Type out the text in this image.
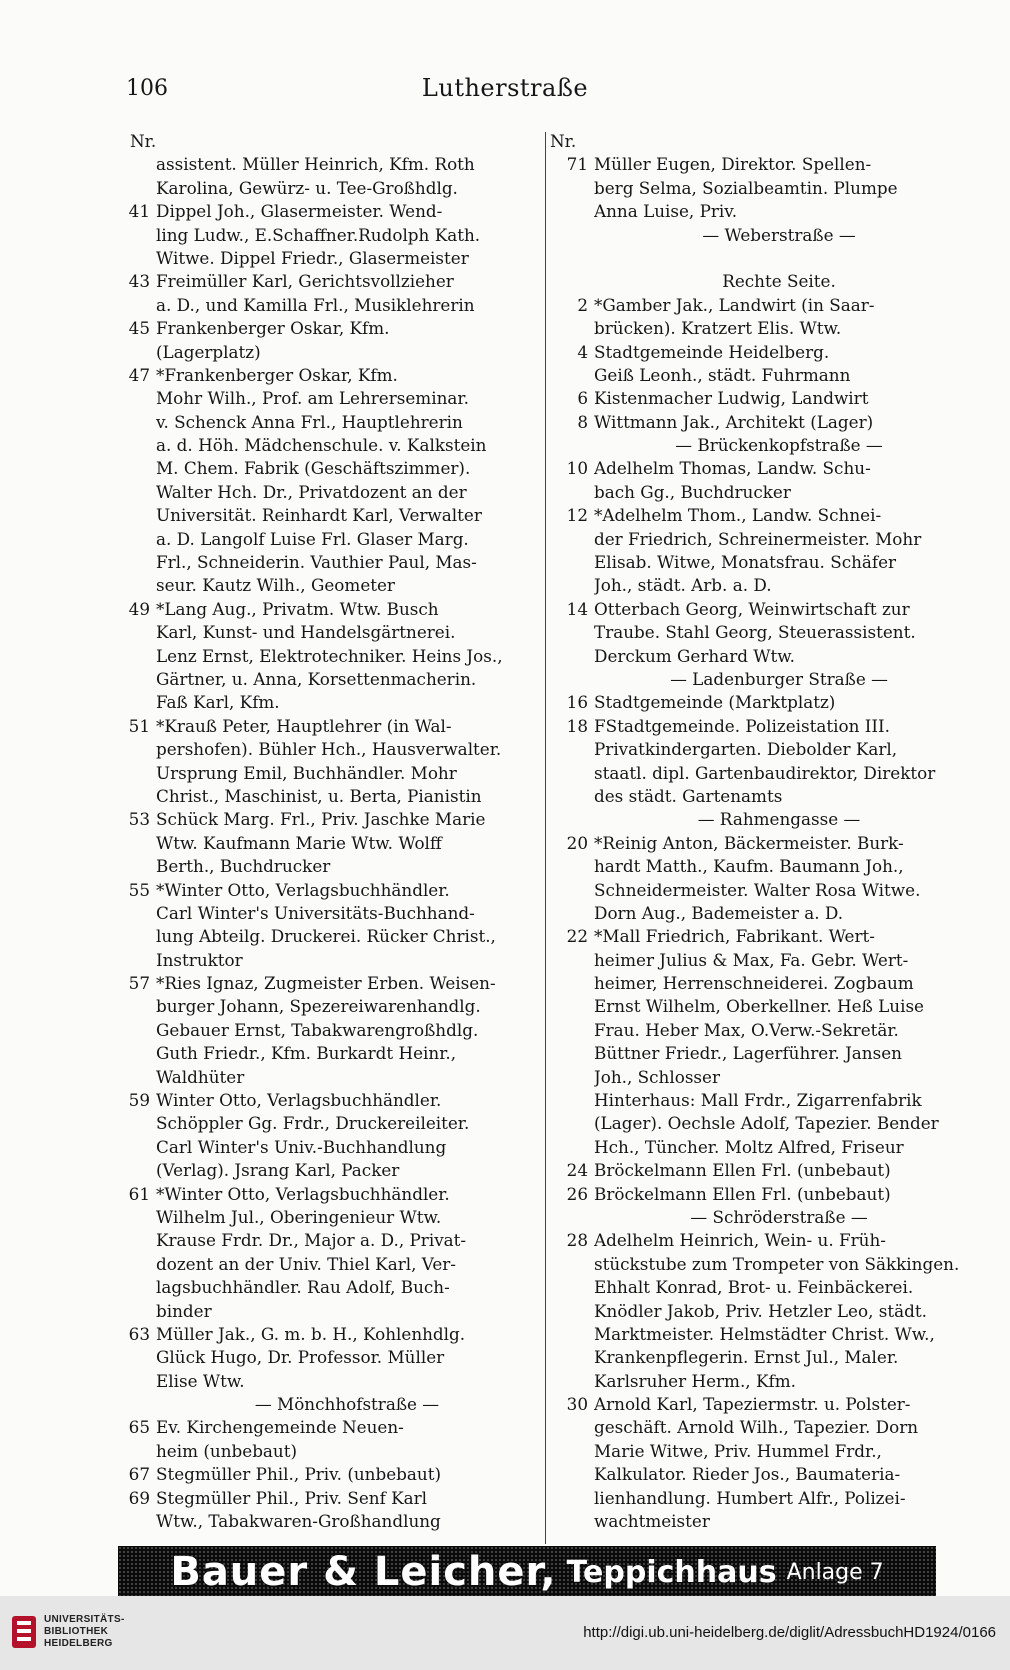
106	Lutherstraße
Nr.
assistent. Müller Heinrich, Kfm. Roth
Karolina, Gewürz- u. Tee-Großhdlg.
41 Dippel Joh., Glasermeister. Wend-
ling Ludw., E.Schaffner.Rudolph Kath.
Witwe. Dippel Friedr., Glasermeister
43 Freimüller Karl, Gerichtsvollzieher
a. D., und Kamilla Frl., Musiklehrerin
45 Frankenberger Oskar, Kfm.
(Lagerplatz)
47 *Frankenberger Oskar, Kfm.
Mohr Wilh., Prof. am Lehrerseminar.
v. Schenck Anna Frl., Hauptlehrerin
a. d. Höh. Mädchenschule. v. Kalkstein
M. Chem. Fabrik (Geschäftszimmer).
Walter Hch. Dr., Privatdozent an der
Universität. Reinhardt Karl, Verwalter
a. D. Langolf Luise Frl. Glaser Marg.
Frl., Schneiderin. Vauthier Paul, Mas-
seur. Kautz Wilh., Geometer
49 *Lang Aug., Privatm. Wtw. Busch
Karl, Kunst- und Handelsgärtnerei.
Lenz Ernst, Elektrotechniker. Heins Jos.,
Gärtner, u. Anna, Korsettenmacherin.
Faß Karl, Kfm.
51 *Krauß Peter, Hauptlehrer (in Wal-
pershofen). Bühler Hch., Hausverwalter.
Ursprung Emil, Buchhändler. Mohr
Christ., Maschinist, u. Berta, Pianistin
53 Schück Marg. Frl., Priv. Jaschke Marie
Wtw. Kaufmann Marie Wtw. Wolff
Berth., Buchdrucker
55 *Winter Otto, Verlagsbuchhändler.
Carl Winter's Universitäts-Buchhand-
lung Abteilg. Druckerei. Rücker Christ.,
Instruktor
57 *Ries Ignaz, Zugmeister Erben. Weisen-
burger Johann, Spezereiwarenhandlg.
Gebauer Ernst, Tabakwarengroßhdlg.
Guth Friedr., Kfm. Burkardt Heinr.,
Waldhüter
59 Winter Otto, Verlagsbuchhändler.
Schöppler Gg. Frdr., Druckereileiter.
Carl Winter's Univ.-Buchhandlung
(Verlag). Jsrang Karl, Packer
61 *Winter Otto, Verlagsbuchhändler.
Wilhelm Jul., Oberingenieur Wtw.
Krause Frdr. Dr., Major a. D., Privat-
dozent an der Univ. Thiel Karl, Ver-
lagsbuchhändler. Rau Adolf, Buch-
binder
63 Müller Jak., G. m. b. H., Kohlenhdlg.
Glück Hugo, Dr. Professor. Müller
Elise Wtw.
— Mönchhofstraße —
65 Ev. Kirchengemeinde Neuen-
heim (unbebaut)
67 Stegmüller Phil., Priv. (unbebaut)
69 Stegmüller Phil., Priv. Senf Karl
Wtw., Tabakwaren-Großhandlung
Nr.
71 Müller Eugen, Direktor. Spellen-
berg Selma, Sozialbeamtin. Plumpe
Anna Luise, Priv.
— Weberstraße —
Rechte Seite.
2 *Gamber Jak., Landwirt (in Saar-
brücken). Kratzert Elis. Wtw.
4 Stadtgemeinde Heidelberg.
Geiß Leonh., städt. Fuhrmann
6 Kistenmacher Ludwig, Landwirt
8 Wittmann Jak., Architekt (Lager)
— Brückenkopfstraße —
10 Adelhelm Thomas, Landw. Schu-
bach Gg., Buchdrucker
12 *Adelhelm Thom., Landw. Schnei-
der Friedrich, Schreinermeister. Mohr
Elisab. Witwe, Monatsfrau. Schäfer
Joh., städt. Arb. a. D.
14 Otterbach Georg, Weinwirtschaft zur
Traube. Stahl Georg, Steuerassistent.
Derckum Gerhard Wtw.
— Ladenburger Straße —
16 Stadtgemeinde (Marktplatz)
18 FStadtgemeinde. Polizeistation III.
Privatkindergarten. Diebolder Karl,
staatl. dipl. Gartenbaudirektor, Direktor
des städt. Gartenamts
— Rahmengasse —
20 *Reinig Anton, Bäckermeister. Burk-
hardt Matth., Kaufm. Baumann Joh.,
Schneidermeister. Walter Rosa Witwe.
Dorn Aug., Bademeister a. D.
22 *Mall Friedrich, Fabrikant. Wert-
heimer Julius & Max, Fa. Gebr. Wert-
heimer, Herrenschneiderei. Zogbaum
Ernst Wilhelm, Oberkellner. Heß Luise
Frau. Heber Max, O.Verw.-Sekretär.
Büttner Friedr., Lagerführer. Jansen
Joh., Schlosser
Hinterhaus: Mall Frdr., Zigarrenfabrik
(Lager). Oechsle Adolf, Tapezier. Bender
Hch., Tüncher. Moltz Alfred, Friseur
24 Bröckelmann Ellen Frl. (unbebaut)
26 Bröckelmann Ellen Frl. (unbebaut)
— Schröderstraße —
28 Adelhelm Heinrich, Wein- u. Früh-
stückstube zum Trompeter von Säkkingen.
Ehhalt Konrad, Brot- u. Feinbäckerei.
Knödler Jakob, Priv. Hetzler Leo, städt.
Marktmeister. Helmstädter Christ. Ww.,
Krankenpflegerin. Ernst Jul., Maler.
Karlsruher Herm., Kfm.
30 Arnold Karl, Tapeziermstr. u. Polster-
geschäft. Arnold Wilh., Tapezier. Dorn
Marie Witwe, Priv. Hummel Frdr.,
Kalkulator. Rieder Jos., Baumateria-
lienhandlung. Humbert Alfr., Polizei-
wachtmeister
Bauer & Leicher, Teppichhaus Anlage 7
UNIVERSITÄTS-
BIBLIOTHEK
HEIDELBERG
http://digi.ub.uni-heidelberg.de/diglit/AdressbuchHD1924/0166
